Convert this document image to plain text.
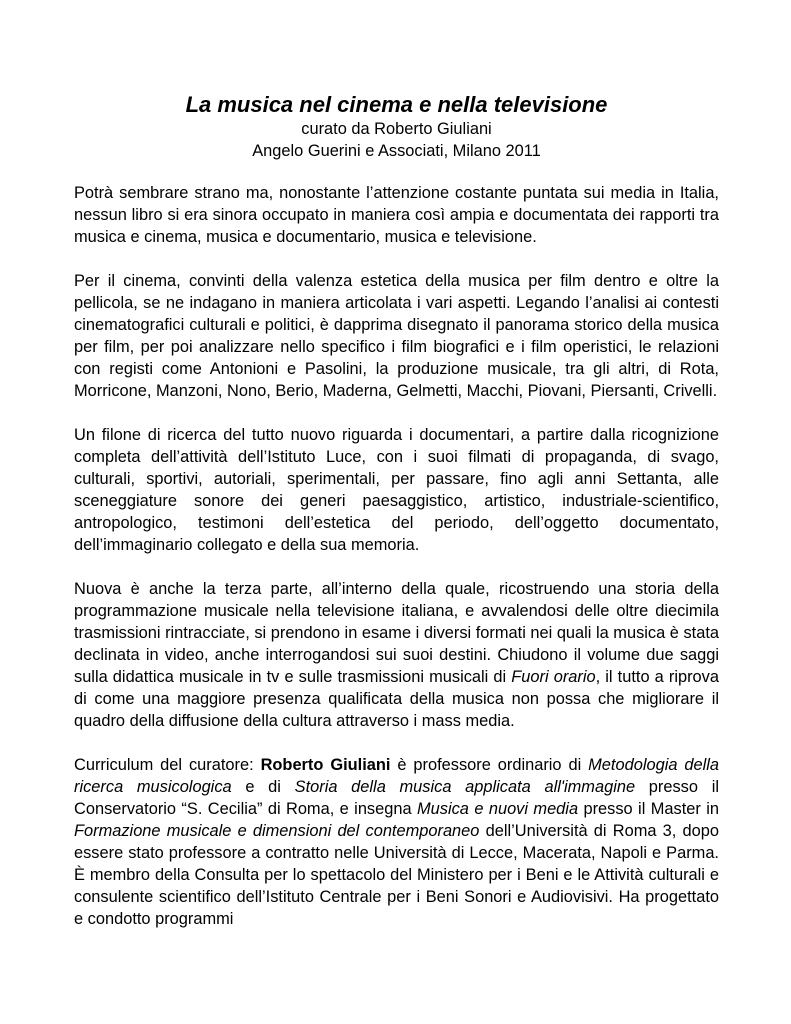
La musica nel cinema e nella televisione

curato da Roberto Giuliani

Angelo Guerini e Associati, Milano 2011

Potrà sembrare strano ma, nonostante l’attenzione costante puntata sui media in Italia, nessun libro si era sinora occupato in maniera così ampia e documentata dei rapporti tra musica e cinema, musica e documentario, musica e televisione.

Per il cinema, convinti della valenza estetica della musica per film dentro e oltre la pellicola, se ne indagano in maniera articolata i vari aspetti. Legando l’analisi ai contesti cinematografici culturali e politici, è dapprima disegnato il panorama storico della musica per film, per poi analizzare nello specifico i film biografici e i film operistici, le relazioni con registi come Antonioni e Pasolini, la produzione musicale, tra gli altri, di Rota, Morricone, Manzoni, Nono, Berio, Maderna, Gelmetti, Macchi, Piovani, Piersanti, Crivelli.

Un filone di ricerca del tutto nuovo riguarda i documentari, a partire dalla ricognizione completa dell’attività dell’Istituto Luce, con i suoi filmati di propaganda, di svago, culturali, sportivi, autoriali, sperimentali, per passare, fino agli anni Settanta, alle sceneggiature sonore dei generi paesaggistico, artistico, industriale-scientifico, antropologico, testimoni dell’estetica del periodo, dell’oggetto documentato, dell’immaginario collegato e della sua memoria.

Nuova è anche la terza parte, all’interno della quale, ricostruendo una storia della programmazione musicale nella televisione italiana, e avvalendosi delle oltre diecimila trasmissioni rintracciate, si prendono in esame i diversi formati nei quali la musica è stata declinata in video, anche interrogandosi sui suoi destini. Chiudono il volume due saggi sulla didattica musicale in tv e sulle trasmissioni musicali di Fuori orario, il tutto a riprova di come una maggiore presenza qualificata della musica non possa che migliorare il quadro della diffusione della cultura attraverso i mass media.

Curriculum del curatore: Roberto Giuliani è professore ordinario di Metodologia della ricerca musicologica e di Storia della musica applicata all'immagine presso il Conservatorio “S. Cecilia” di Roma, e insegna Musica e nuovi media presso il Master in Formazione musicale e dimensioni del contemporaneo dell’Università di Roma 3, dopo essere stato professore a contratto nelle Università di Lecce, Macerata, Napoli e Parma. È membro della Consulta per lo spettacolo del Ministero per i Beni e le Attività culturali e consulente scientifico dell’Istituto Centrale per i Beni Sonori e Audiovisivi. Ha progettato e condotto programmi
